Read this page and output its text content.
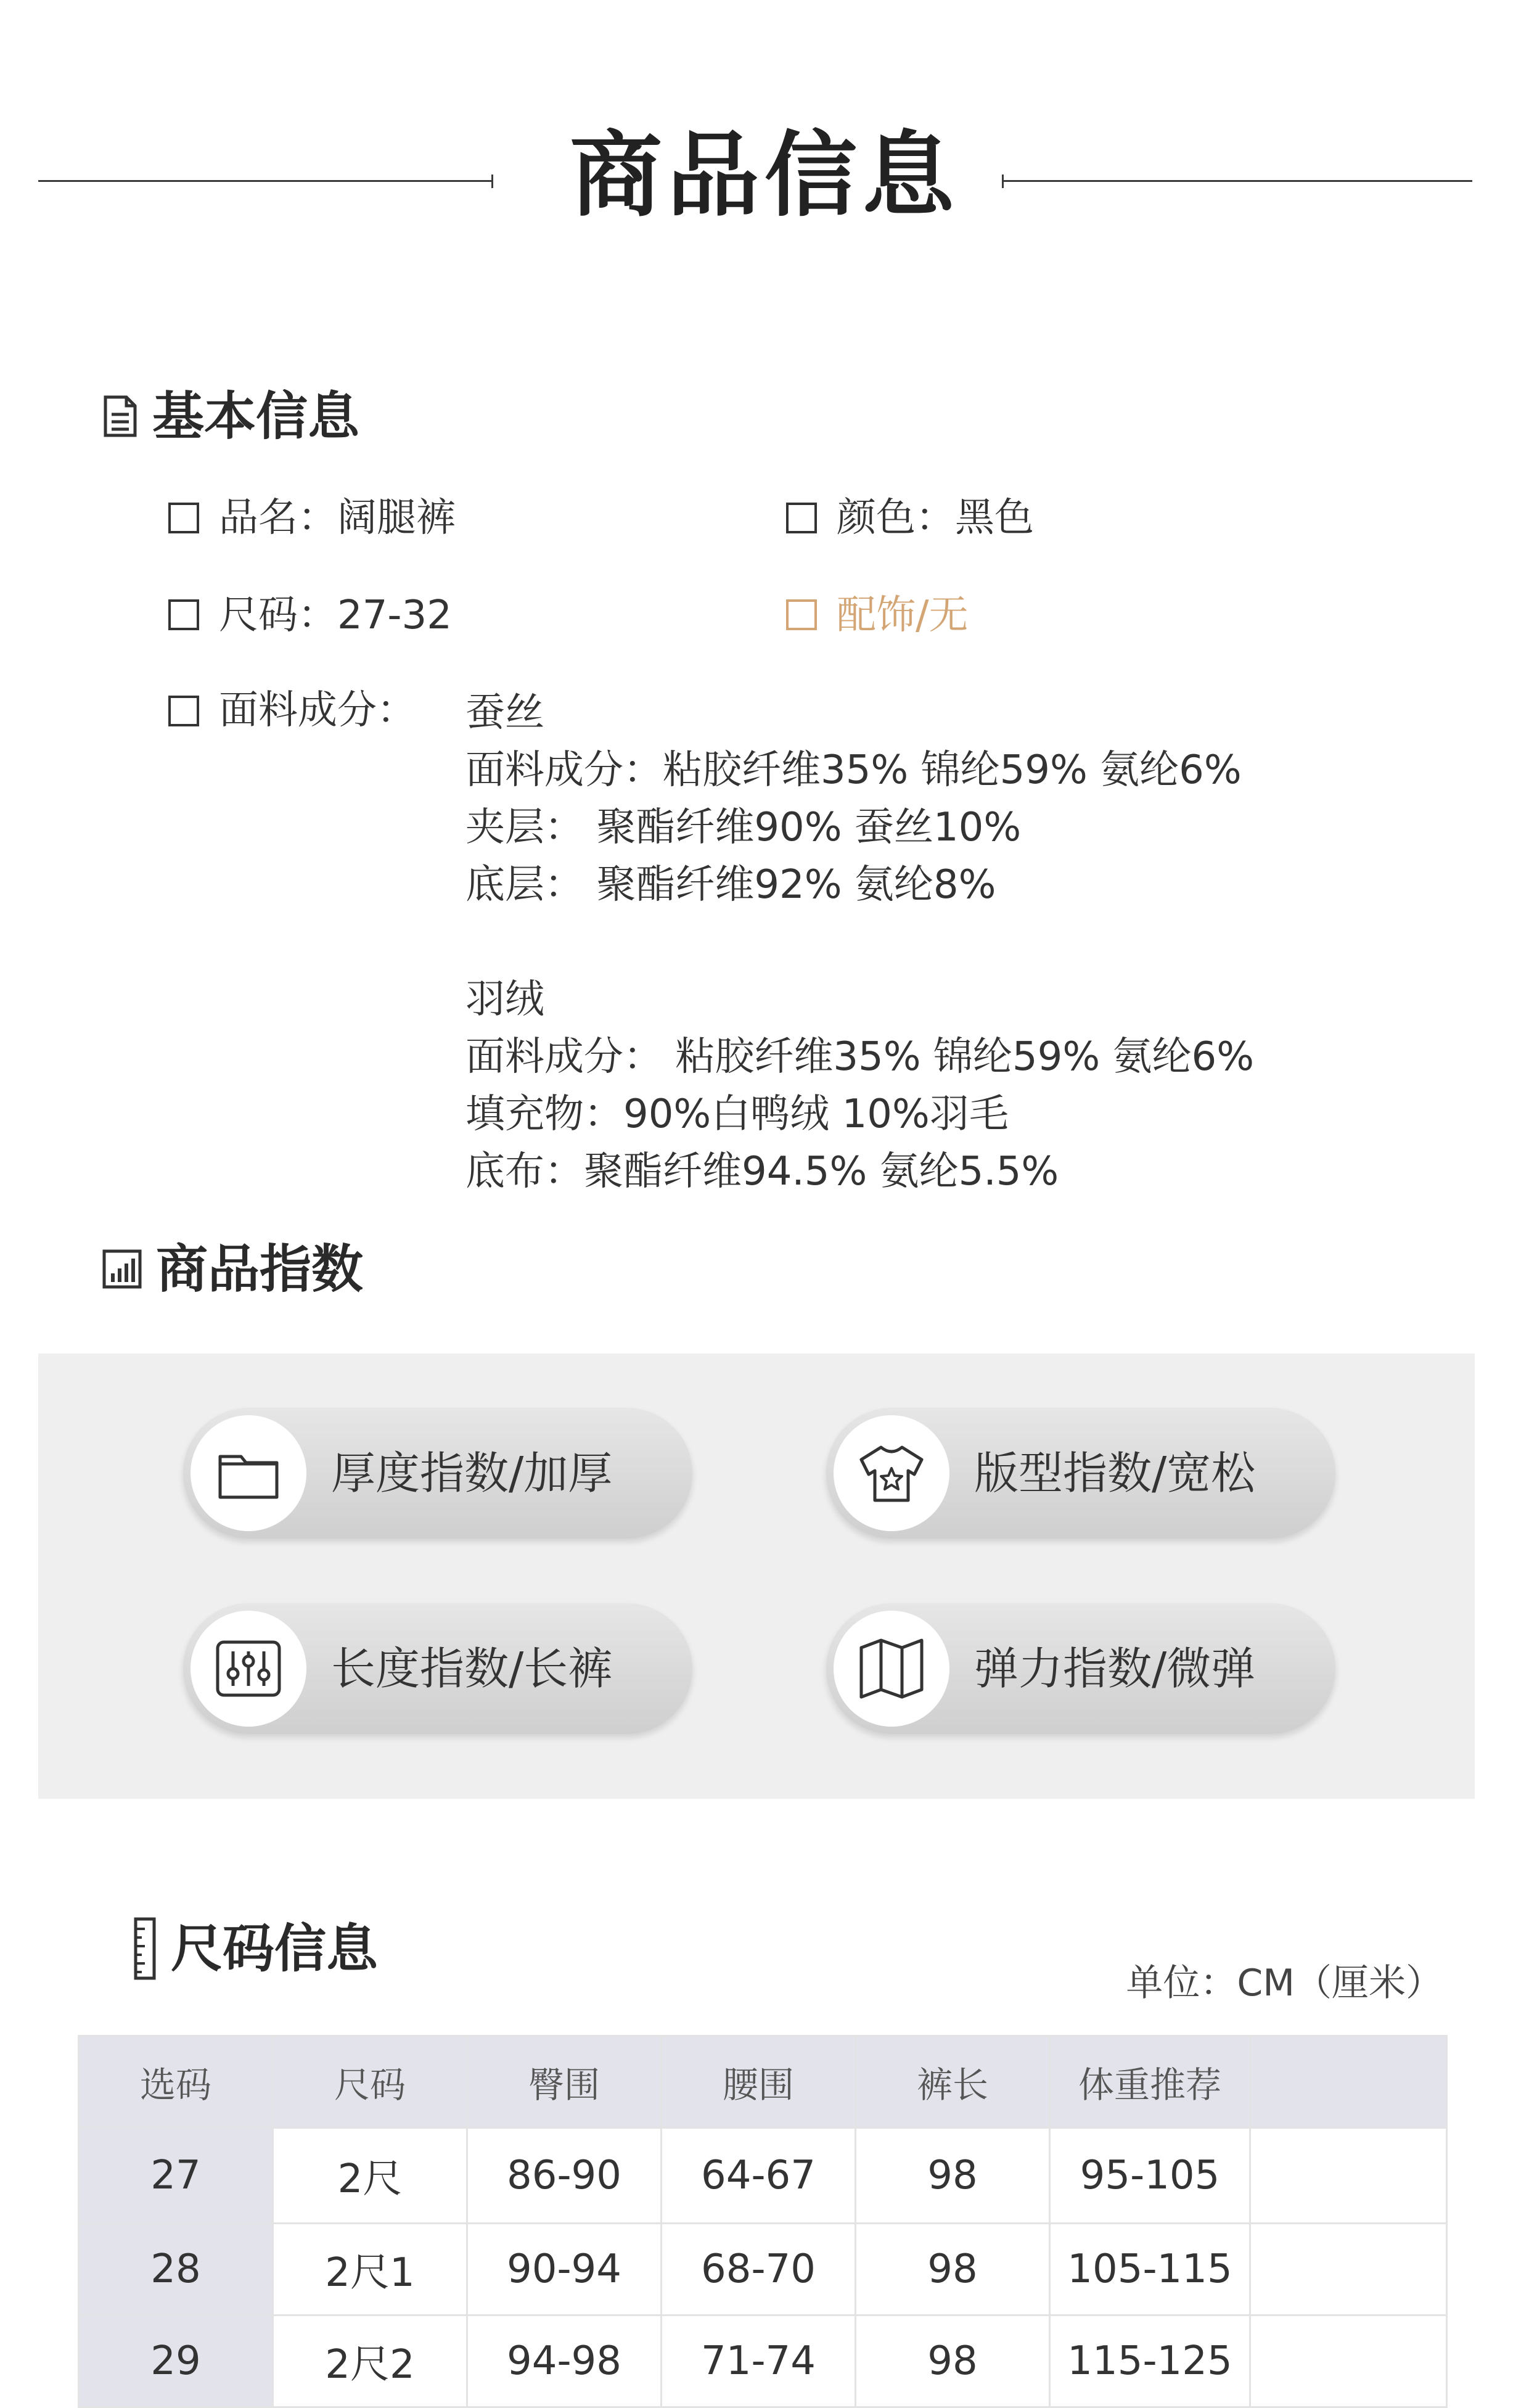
商品信息
基本信息
品名：阔腿裤	颜色：黑色
尺码：27-32	配饰/无
面料成分： 蚕丝
面料成分：粘胶纤维35% 锦纶59% 氨纶6%
夹层： 聚酯纤维90% 蚕丝10%
底层： 聚酯纤维92% 氨纶8%
羽绒
面料成分： 粘胶纤维35% 锦纶59% 氨纶6%
填充物：90%白鸭绒 10%羽毛
底布：聚酯纤维94.5% 氨纶5.5%
商品指数
厚度指数/加厚	版型指数/宽松
长度指数/长裤	弹力指数/微弹
尺码信息
单位：CM（厘米）
选码	尺码	臀围	腰围	裤长	体重推荐	
27	2尺	86-90	64-67	98	95-105	
28	2尺1	90-94	68-70	98	105-115	
29	2尺2	94-98	71-74	98	115-125	
